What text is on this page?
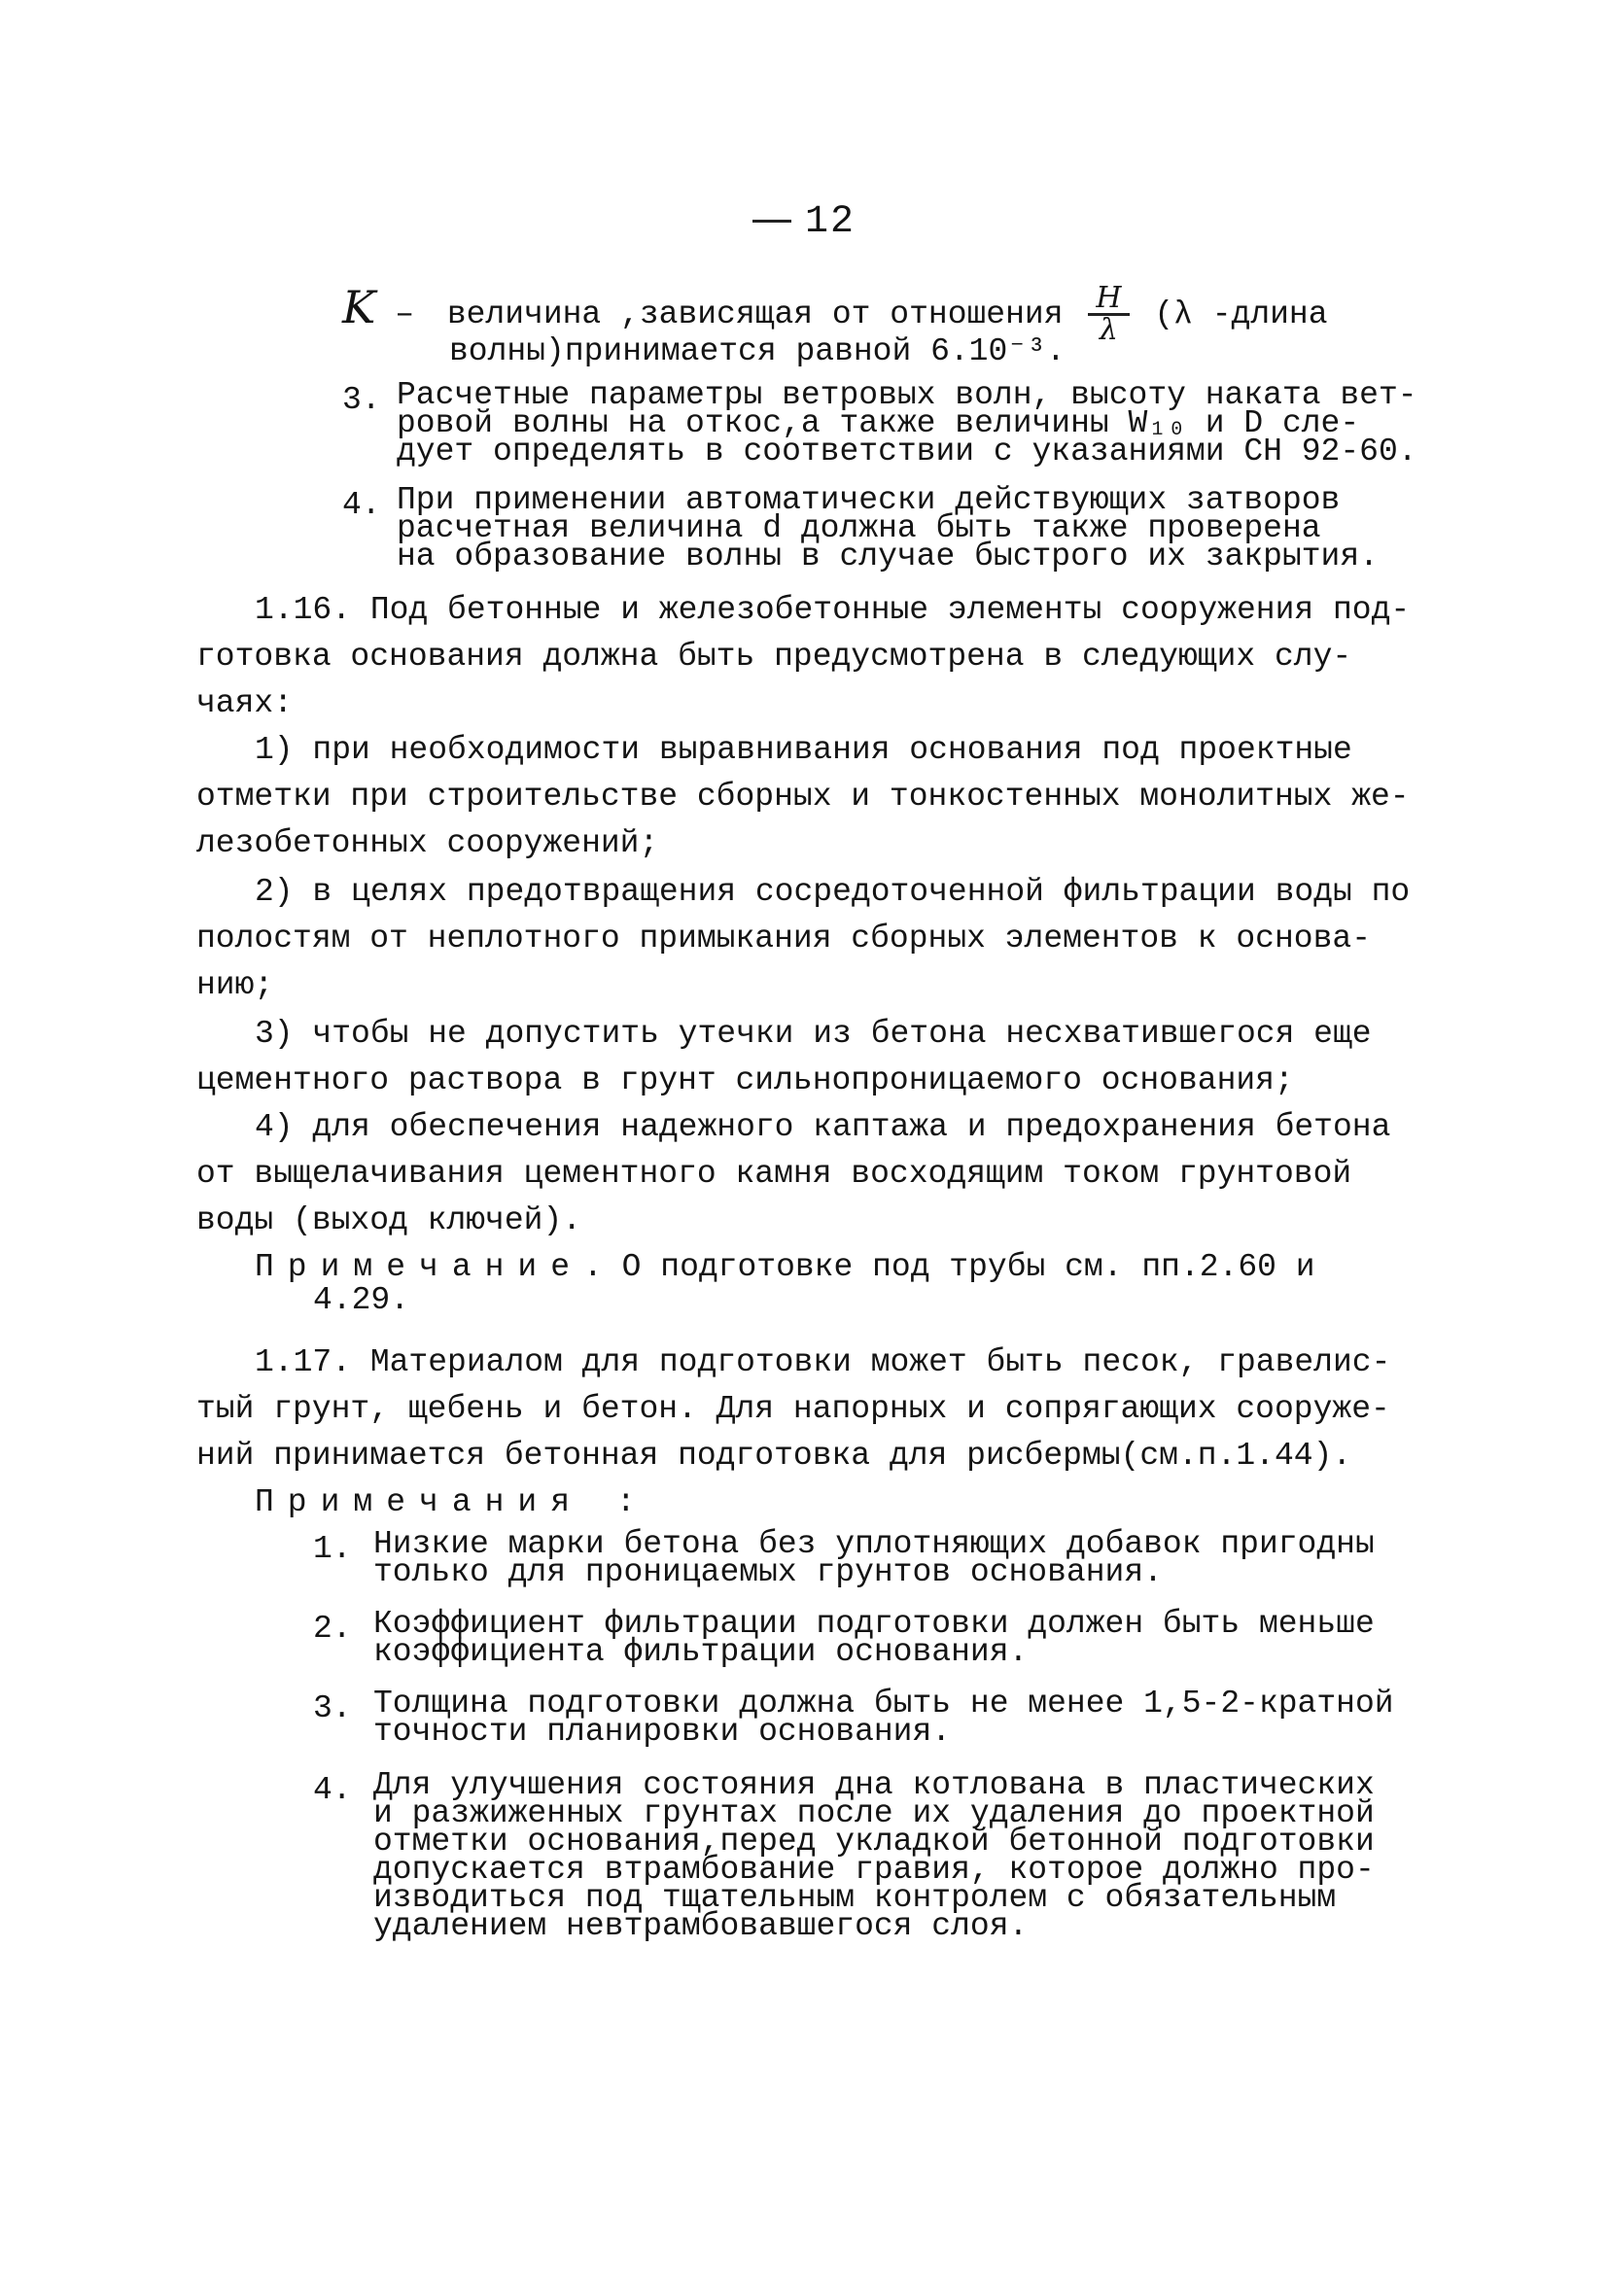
12
K – величина ,зависящая от отношения $\frac{H}{\lambda} (\lambda$ -длина
волны)принимается равной 6.10⁻³.
3. Расчетные параметры ветровых волн, высоту наката вет-
ровой волны на откос,а также величины W₁₀ и D сле-
дует определять в соответствии с указаниями СН 92-60.
4. При применении автоматически действующих затворов
расчетная величина d должна быть также проверена
на образование волны в случае быстрого их закрытия.
1.16. Под бетонные и железобетонные элементы сооружения под-
готовка основания должна быть предусмотрена в следующих слу-
чаях:
1) при необходимости выравнивания основания под проектные
отметки при строительстве сборных и тонкостенных монолитных же-
лезобетонных сооружений;
2) в целях предотвращения сосредоточенной фильтрации воды по
полостям от неплотного примыкания сборных элементов к основа-
нию;
3) чтобы не допустить утечки из бетона несхватившегося еще
цементного раствора в грунт сильнопроницаемого основания;
4) для обеспечения надежного каптажа и предохранения бетона
от выщелачивания цементного камня восходящим током грунтовой
воды (выход ключей).
Примечание. О подготовке под трубы см. пп.2.60 и
4.29.
1.17. Материалом для подготовки может быть песок, гравелис-
тый грунт, щебень и бетон. Для напорных и сопрягающих сооруже-
ний принимается бетонная подготовка для рисбермы(см.п.1.44).
Примечания :
1. Низкие марки бетона без уплотняющих добавок пригодны
только для проницаемых грунтов основания.
2. Коэффициент фильтрации подготовки должен быть меньше
коэффициента фильтрации основания.
3. Толщина подготовки должна быть не менее 1,5-2-кратной
точности планировки основания.
4. Для улучшения состояния дна котлована в пластических
и разжиженных грунтах после их удаления до проектной
отметки основания,перед укладкой бетонной подготовки
допускается втрамбование гравия, которое должно про-
изводиться под тщательным контролем с обязательным
удалением невтрамбовавшегося слоя.
